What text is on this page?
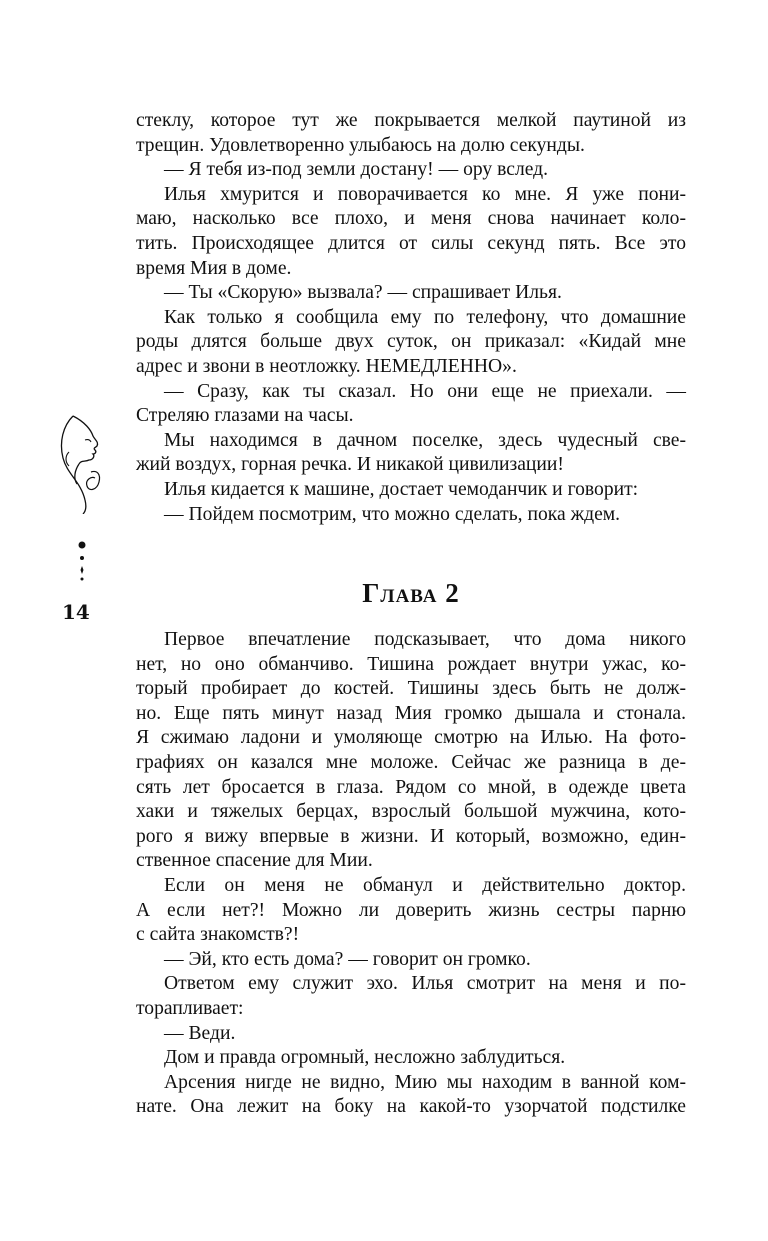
14
стеклу, которое тут же покрывается мелкой паутиной из
трещин. Удовлетворенно улыбаюсь на долю секунды.
— Я тебя из-под земли достану! — ору вслед.
Илья хмурится и поворачивается ко мне. Я уже пони-
маю, насколько все плохо, и меня снова начинает коло-
тить. Происходящее длится от силы секунд пять. Все это
время Мия в доме.
— Ты «Скорую» вызвала? — спрашивает Илья.
Как только я сообщила ему по телефону, что домашние
роды длятся больше двух суток, он приказал: «Кидай мне
адрес и звони в неотложку. НЕМЕДЛЕННО».
— Сразу, как ты сказал. Но они еще не приехали. —
Стреляю глазами на часы.
Мы находимся в дачном поселке, здесь чудесный све-
жий воздух, горная речка. И никакой цивилизации!
Илья кидается к машине, достает чемоданчик и говорит:
— Пойдем посмотрим, что можно сделать, пока ждем.
Глава 2
Первое впечатление подсказывает, что дома никого
нет, но оно обманчиво. Тишина рождает внутри ужас, ко-
торый пробирает до костей. Тишины здесь быть не долж-
но. Еще пять минут назад Мия громко дышала и стонала.
Я сжимаю ладони и умоляюще смотрю на Илью. На фото-
графиях он казался мне моложе. Сейчас же разница в де-
сять лет бросается в глаза. Рядом со мной, в одежде цвета
хаки и тяжелых берцах, взрослый большой мужчина, кото-
рого я вижу впервые в жизни. И который, возможно, един-
ственное спасение для Мии.
Если он меня не обманул и действительно доктор.
А если нет?! Можно ли доверить жизнь сестры парню
с сайта знакомств?!
— Эй, кто есть дома? — говорит он громко.
Ответом ему служит эхо. Илья смотрит на меня и по-
торапливает:
— Веди.
Дом и правда огромный, несложно заблудиться.
Арсения нигде не видно, Мию мы находим в ванной ком-
нате. Она лежит на боку на какой-то узорчатой подстилке
